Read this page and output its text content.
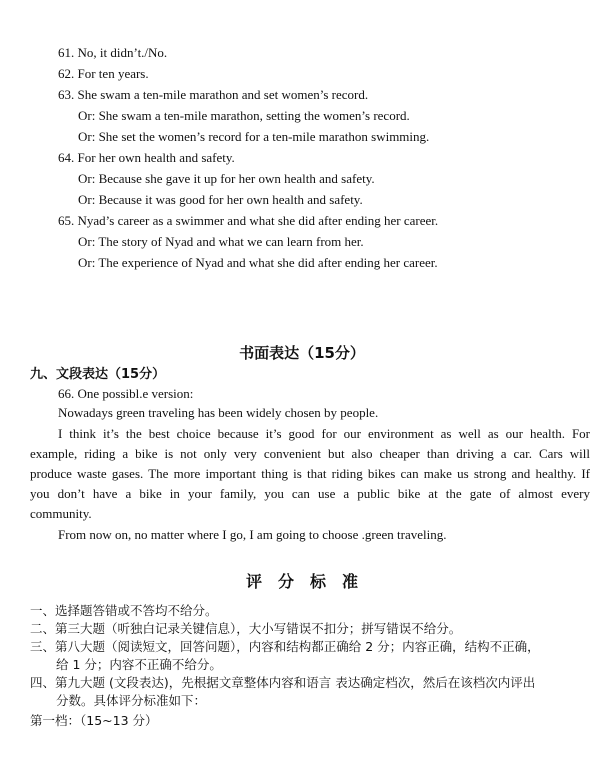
61. No, it didn’t./No.
62. For ten years.
63. She swam a ten-mile marathon and set women’s record.
Or: She swam a ten-mile marathon, setting the women’s record.
Or: She set the women’s record for a ten-mile marathon swimming.
64. For her own health and safety.
Or: Because she gave it up for her own health and safety.
Or: Because it was good for her own health and safety.
65. Nyad’s career as a swimmer and what she did after ending her career.
Or: The story of Nyad and what we can learn from her.
Or: The experience of Nyad and what she did after ending her career.
书面表达（15分）
九、文段表达（15分）
66. One possibl.e version:
Nowadays green traveling has been widely chosen by people.
I think it’s the best choice because it’s good for our environment as well as our health. For
example, riding a bike is not only very convenient but also cheaper than driving a car. Cars will
produce waste gases. The more important thing is that riding bikes can make us strong and healthy. If
you don’t have a bike in your family, you can use a public bike at the gate of almost every
community.
From now on, no matter where I go, I am going to choose .green traveling.
评　分　标　准
一、选择题答错或不答均不给分。
二、第三大题（听独白记录关键信息），大小写错误不扣分；拼写错误不给分。
三、第八大题（阅读短文，回答问题），内容和结构都正确给 2 分；内容正确，结构不正确，
给 1 分；内容不正确不给分。
四、第九大题 (文段表达)，先根据文章整体内容和语言 表达确定档次，然后在该档次内评出
分数。具体评分标准如下：
第一档：（15~13 分）
